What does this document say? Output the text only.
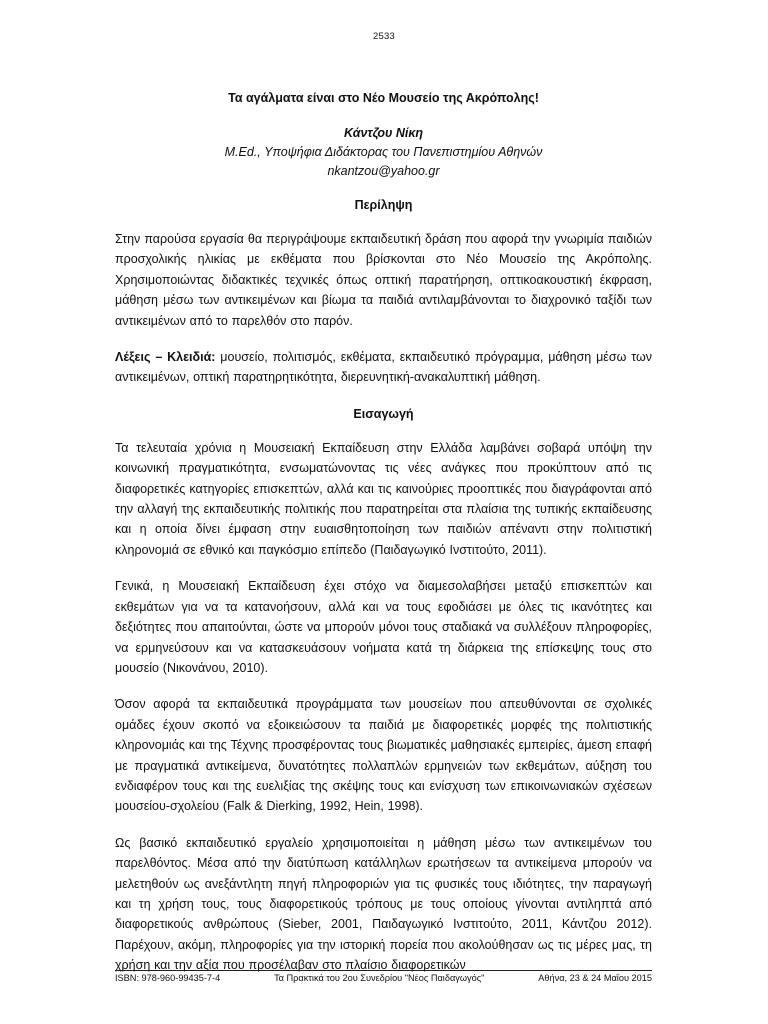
2533
Τα αγάλματα είναι στο Νέο Μουσείο της Ακρόπολης!
Κάντζου Νίκη
M.Ed., Υποψήφια Διδάκτορας του Πανεπιστημίου Αθηνών
nkantzou@yahoo.gr
Περίληψη

Στην παρούσα εργασία θα περιγράψουμε εκπαιδευτική δράση που αφορά την γνωριμία παιδιών προσχολικής ηλικίας με εκθέματα που βρίσκονται στο Νέο Μουσείο της Ακρόπολης. Χρησιμοποιώντας διδακτικές τεχνικές όπως οπτική παρατήρηση, οπτικοακουστική έκφραση, μάθηση μέσω των αντικειμένων και βίωμα τα παιδιά αντιλαμβάνονται το διαχρονικό ταξίδι των αντικειμένων από το παρελθόν στο παρόν.

Λέξεις – Κλειδιά: μουσείο, πολιτισμός, εκθέματα, εκπαιδευτικό πρόγραμμα, μάθηση μέσω των αντικειμένων, οπτική παρατηρητικότητα, διερευνητική-ανακαλυπτική μάθηση.

Εισαγωγή

Τα τελευταία χρόνια η Μουσειακή Εκπαίδευση στην Ελλάδα λαμβάνει σοβαρά υπόψη την κοινωνική πραγματικότητα, ενσωματώνοντας τις νέες ανάγκες που προκύπτουν από τις διαφορετικές κατηγορίες επισκεπτών, αλλά και τις καινούριες προοπτικές που διαγράφονται από την αλλαγή της εκπαιδευτικής πολιτικής που παρατηρείται στα πλαίσια της τυπικής εκπαίδευσης και η οποία δίνει έμφαση στην ευαισθητοποίηση των παιδιών απέναντι στην πολιτιστική κληρονομιά σε εθνικό και παγκόσμιο επίπεδο (Παιδαγωγικό Ινστιτούτο, 2011).

Γενικά, η Μουσειακή Εκπαίδευση έχει στόχο να διαμεσολαβήσει μεταξύ επισκεπτών και εκθεμάτων για να τα κατανοήσουν, αλλά και να τους εφοδιάσει με όλες τις ικανότητες και δεξιότητες που απαιτούνται, ώστε να μπορούν μόνοι τους σταδιακά να συλλέξουν πληροφορίες, να ερμηνεύσουν και να κατασκευάσουν νοήματα κατά τη διάρκεια της επίσκεψης τους στο μουσείο (Νικονάνου, 2010).

Όσον αφορά τα εκπαιδευτικά προγράμματα των μουσείων που απευθύνονται σε σχολικές ομάδες έχουν σκοπό να εξοικειώσουν τα παιδιά με διαφορετικές μορφές της πολιτιστικής κληρονομιάς και της Τέχνης προσφέροντας τους βιωματικές μαθησιακές εμπειρίες, άμεση επαφή με πραγματικά αντικείμενα, δυνατότητες πολλαπλών ερμηνειών των εκθεμάτων, αύξηση του ενδιαφέρον τους και της ευελιξίας της σκέψης τους και ενίσχυση των επικοινωνιακών σχέσεων μουσείου-σχολείου (Falk & Dierking, 1992, Hein, 1998).

Ως βασικό εκπαιδευτικό εργαλείο χρησιμοποιείται η μάθηση μέσω των αντικειμένων του παρελθόντος. Μέσα από την διατύπωση κατάλληλων ερωτήσεων τα αντικείμενα μπορούν να μελετηθούν ως ανεξάντλητη πηγή πληροφοριών για τις φυσικές τους ιδιότητες, την παραγωγή και τη χρήση τους, τους διαφορετικούς τρόπους με τους οποίους γίνονται αντιληπτά από διαφορετικούς ανθρώπους (Sieber, 2001, Παιδαγωγικό Ινστιτούτο, 2011, Κάντζου 2012). Παρέχουν, ακόμη, πληροφορίες για την ιστορική πορεία που ακολούθησαν ως τις μέρες μας, τη χρήση και την αξία που προσέλαβαν στο πλαίσιο διαφορετικών

ISBN: 978-960-99435-7-4	Τα Πρακτικά του 2ου Συνεδρίου "Νέος Παιδαγωγός"	Αθήνα, 23 & 24 Μαΐου 2015
